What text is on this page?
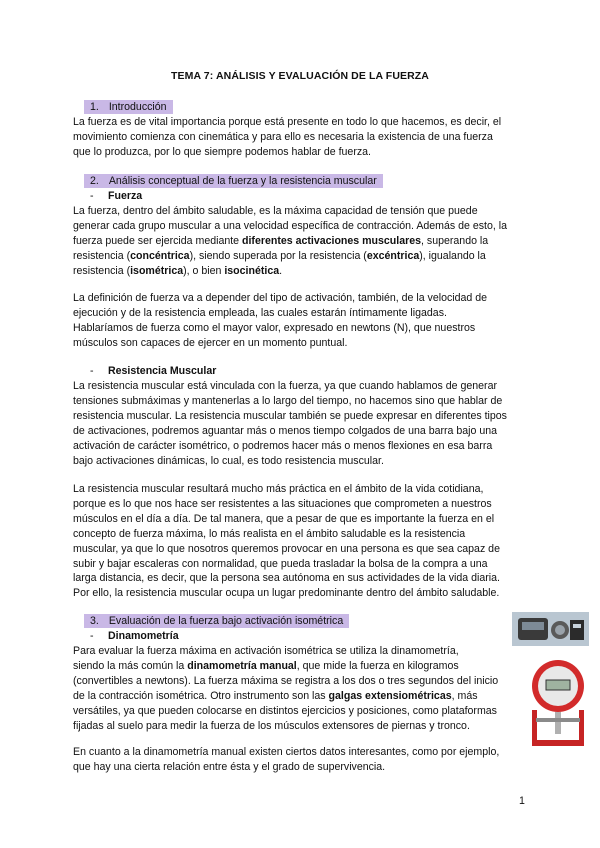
TEMA 7: ANÁLISIS Y EVALUACIÓN DE LA FUERZA
1. Introducción

La fuerza es de vital importancia porque está presente en todo lo que hacemos, es decir, el
movimiento comienza con cinemática y para ello es necesaria la existencia de una fuerza
que lo produzca, por lo que siempre podemos hablar de fuerza.

2. Análisis conceptual de la fuerza y la resistencia muscular
- Fuerza

La fuerza, dentro del ámbito saludable, es la máxima capacidad de tensión que puede
generar cada grupo muscular a una velocidad específica de contracción. Además de esto, la
fuerza puede ser ejercida mediante diferentes activaciones musculares, superando la
resistencia (concéntrica), siendo superada por la resistencia (excéntrica), igualando la
resistencia (isométrica), o bien isocinética.

La definición de fuerza va a depender del tipo de activación, también, de la velocidad de
ejecución y de la resistencia empleada, las cuales estarán íntimamente ligadas.
Hablaríamos de fuerza como el mayor valor, expresado en newtons (N), que nuestros
músculos son capaces de ejercer en un momento puntual.

- Resistencia Muscular

La resistencia muscular está vinculada con la fuerza, ya que cuando hablamos de generar
tensiones submáximas y mantenerlas a lo largo del tiempo, no hacemos sino que hablar de
resistencia muscular. La resistencia muscular también se puede expresar en diferentes tipos
de activaciones, podremos aguantar más o menos tiempo colgados de una barra bajo una
activación de carácter isométrico, o podremos hacer más o menos flexiones en esa barra
bajo activaciones dinámicas, lo cual, es todo resistencia muscular.

La resistencia muscular resultará mucho más práctica en el ámbito de la vida cotidiana,
porque es lo que nos hace ser resistentes a las situaciones que comprometen a nuestros
músculos en el día a día. De tal manera, que a pesar de que es importante la fuerza en el
concepto de fuerza máxima, lo más realista en el ámbito saludable es la resistencia
muscular, ya que lo que nosotros queremos provocar en una persona es que sea capaz de
subir y bajar escaleras con normalidad, que pueda trasladar la bolsa de la compra a una
larga distancia, es decir, que la persona sea autónoma en sus actividades de la vida diaria.
Por ello, la resistencia muscular ocupa un lugar predominante dentro del ámbito saludable.

3. Evaluación de la fuerza bajo activación isométrica
- Dinamometría

Para evaluar la fuerza máxima en activación isométrica se utiliza la dinamometría,
siendo la más común la dinamometría manual, que mide la fuerza en kilogramos
(convertibles a newtons). La fuerza máxima se registra a los dos o tres segundos del inicio
de la contracción isométrica. Otro instrumento son las galgas extensiométricas, más
versátiles, ya que pueden colocarse en distintos ejercicios y posiciones, como plataformas
fijadas al suelo para medir la fuerza de los músculos extensores de piernas y tronco.

En cuanto a la dinamometría manual existen ciertos datos interesantes, como por ejemplo,
que hay una cierta relación entre ésta y el grado de supervivencia.

1
